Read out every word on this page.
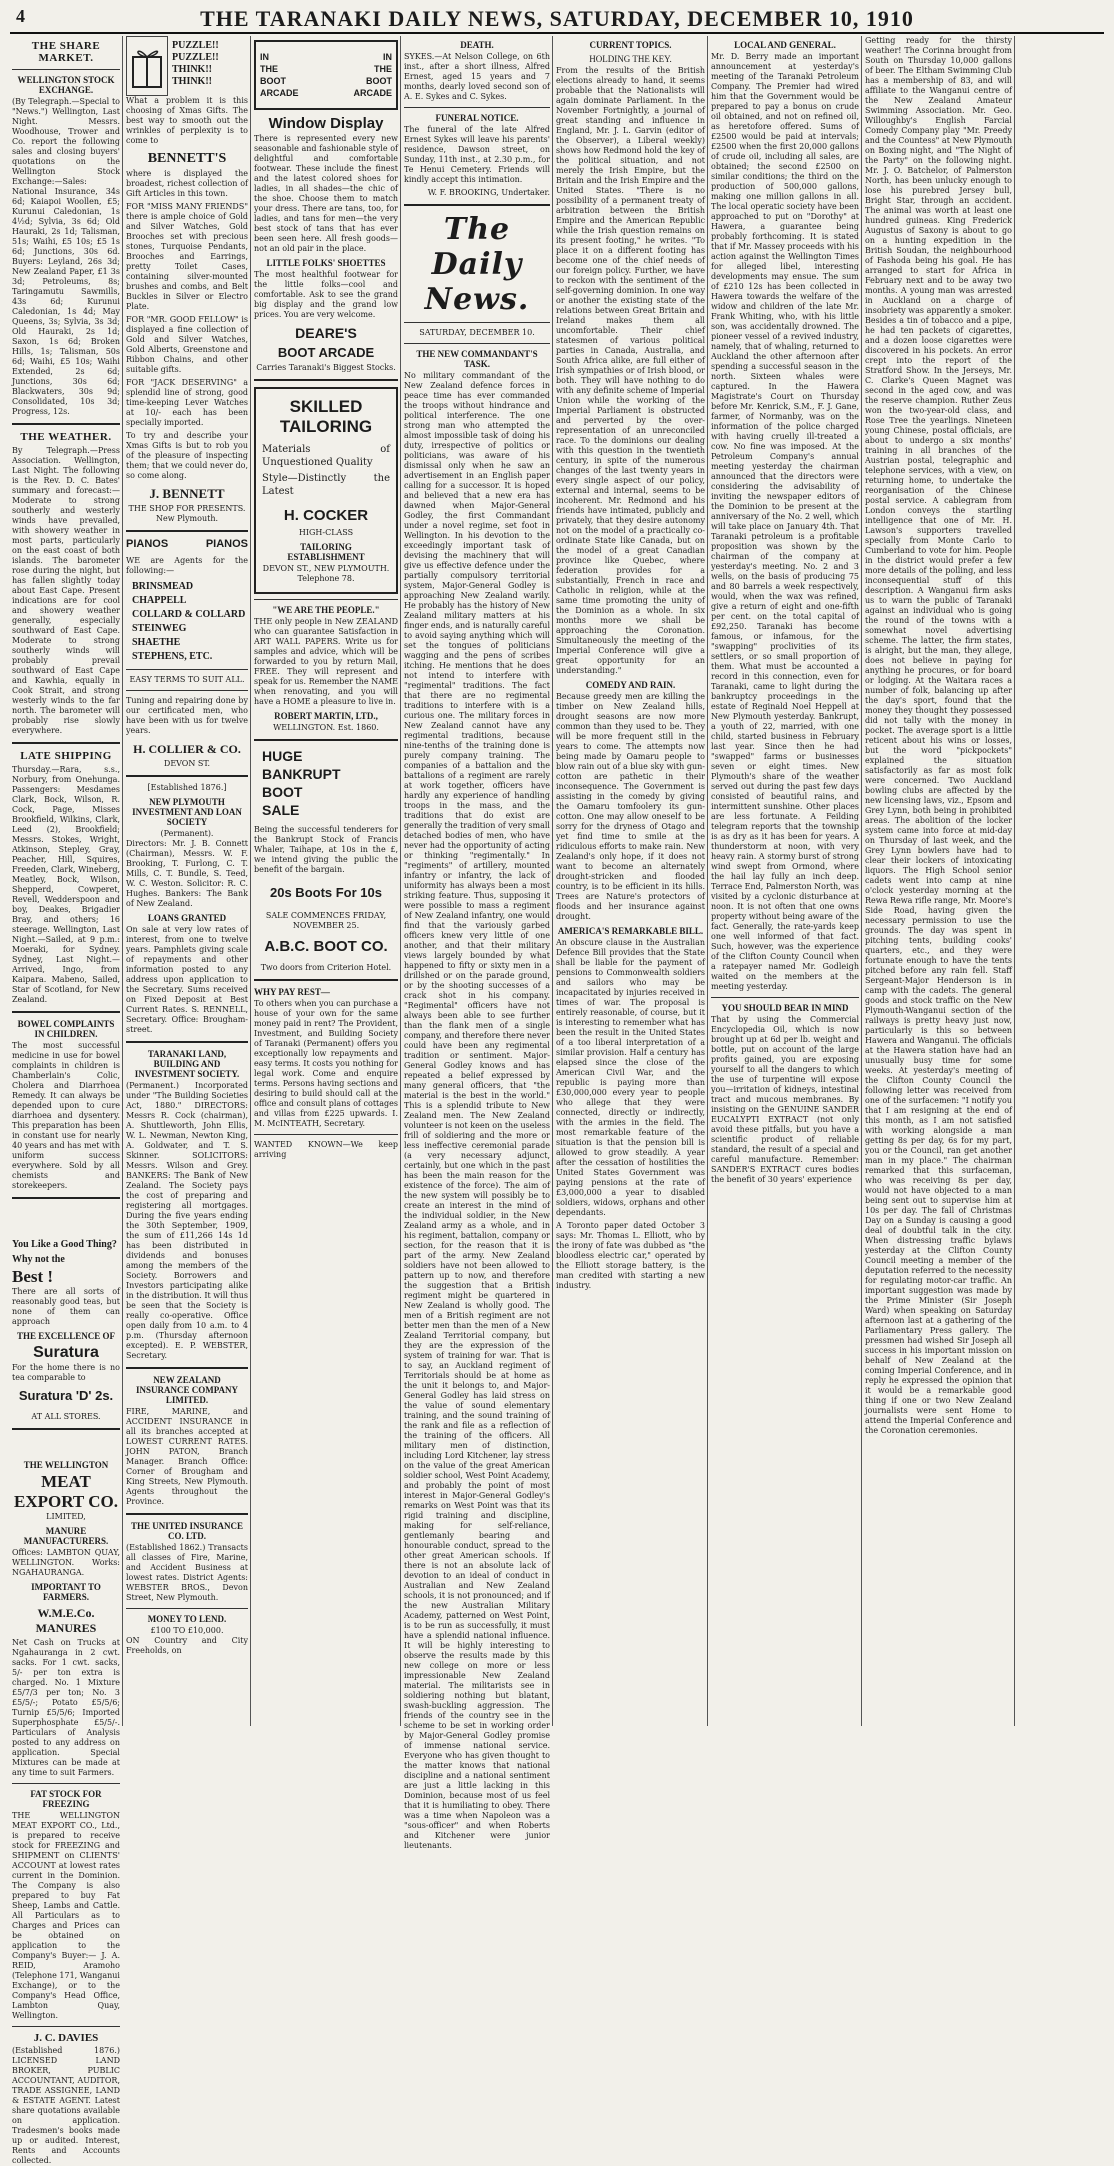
4	THE TARANAKI DAILY NEWS, SATURDAY, DECEMBER 10, 1910
THE SHARE MARKET.
WELLINGTON STOCK EXCHANGE.

(By Telegraph.—Special to "News.") Wellington, Last Night. Messrs. Woodhouse, Trower and Co. report the following sales and closing buyers' quotations on the Wellington Stock Exchange:—Sales: National Insurance, 34s 6d; Kaiapoi Woollen, £5; Kurunui Caledonian, 1s 4½d; Sylvia, 3s 6d; Old Hauraki, 2s 1d; Talisman, 51s; Waihi, £5 10s; £5 1s 6d; Junctions, 30s 6d. Buyers: Leyland, 26s 3d; New Zealand Paper, £1 3s 3d; Petroleums, 8s; Taringamutu Sawmills, 43s 6d; Kurunui Caledonian, 1s 4d; May Queens, 3s; Sylvia, 3s 3d; Old Hauraki, 2s 1d; Saxon, 1s 6d; Broken Hills, 1s; Talisman, 50s 6d; Waihi, £5 10s; Waihi Extended, 2s 6d; Junctions, 30s 6d; Blackwaters, 30s 9d; Consolidated, 10s 3d; Progress, 12s.

THE WEATHER.

By Telegraph.—Press Association. Wellington, Last Night. The following is the Rev. D. C. Bates' summary and forecast:—Moderate to strong southerly and westerly winds have prevailed, with showery weather in most parts, particularly on the east coast of both islands. The barometer rose during the night, but has fallen slightly today about East Cape. Present indications are for cool and showery weather generally, especially southward of East Cape. Moderate to strong southerly winds will probably prevail southward of East Cape and Kawhia, equally in Cook Strait, and strong westerly winds to the far north. The barometer will probably rise slowly everywhere.

LATE SHIPPING

Thursday.—Rara, s.s., Norbury, from Onehunga. Passengers: Mesdames Clark, Bock, Wilson, R. Cock, Page, Misses Brookfield, Wilkins, Clark, Leed (2), Brookfield; Messrs. Stokes, Wright, Atkinson, Stepley, Gray, Peacher, Hill, Squires, Freeden, Clark, Wineberg, Meatley, Bock, Wilson, Shepperd, Cowperet, Revell, Wedderspoon and boy, Deakes, Brigadier Bray, and others; 16 steerage. Wellington, Last Night.—Sailed, at 9 p.m.: Moeraki, for Sydney. Sydney, Last Night.—Arrived, Ingo, from Kaipara. Mabeno, Sailed, Star of Scotland, for New Zealand.

BOWEL COMPLAINTS IN CHILDREN.

The most successful medicine in use for bowel complaints in children is Chamberlain's Colic, Cholera and Diarrhoea Remedy. It can always be depended upon to cure diarrhoea and dysentery. This preparation has been in constant use for nearly 40 years and has met with uniform success everywhere. Sold by all chemists and storekeepers.

You Like a Good Thing?
Why not the
Best !

There are all sorts of reasonably good teas, but none of them can approach

THE EXCELLENCE OF
Suratura

For the home there is no tea comparable to

Suratura 'D' 2s.
AT ALL STORES.
THE WELLINGTON
MEAT EXPORT CO.
LIMITED,
MANURE MANUFACTURERS.

Offices: LAMBTON QUAY, WELLINGTON. Works: NGAHAURANGA.

IMPORTANT TO FARMERS.
W.M.E.Co. MANURES

Net Cash on Trucks at Ngahauranga in 2 cwt. sacks. For 1 cwt. sacks, 5/- per ton extra is charged. No. 1 Mixture £5/7/3 per ton; No. 3 £5/5/-; Potato £5/5/6; Turnip £5/5/6; Imported Superphosphate £5/5/-. Particulars of Analysis posted to any address on application. Special Mixtures can be made at any time to suit Farmers.

FAT STOCK FOR FREEZING

THE WELLINGTON MEAT EXPORT CO., Ltd., is prepared to receive stock for FREEZING and SHIPMENT on CLIENTS' ACCOUNT at lowest rates current in the Dominion. The Company is also prepared to buy Fat Sheep, Lambs and Cattle. All Particulars as to Charges and Prices can be obtained on application to the Company's Buyer:— J. A. REID, Aramoho (Telephone 171, Wanganui Exchange), or to the Company's Head Office, Lambton Quay, Wellington.

J. C. DAVIES

(Established 1876.) LICENSED LAND BROKER, PUBLIC ACCOUNTANT, AUDITOR, TRADE ASSIGNEE, LAND & ESTATE AGENT. Latest share quotations available on application. Tradesmen's books made up or audited. Interest, Rents and Accounts collected.

PUZZLE!! PUZZLE!! THINK!! THINK!!

What a problem it is this choosing of Xmas Gifts. The best way to smooth out the wrinkles of perplexity is to come to

BENNETT'S

where is displayed the broadest, richest collection of Gift Articles in this town.

FOR "MISS MANY FRIENDS" there is ample choice of Gold and Silver Watches, Gold Brooches set with precious stones, Turquoise Pendants, Brooches and Earrings, pretty Toilet Cases, containing silver-mounted brushes and combs, and Belt Buckles in Silver or Electro Plate.

FOR "MR. GOOD FELLOW" is displayed a fine collection of Gold and Silver Watches, Gold Alberts, Greenstone and Ribbon Chains, and other suitable gifts.

FOR "JACK DESERVING" a splendid line of strong, good time-keeping Lever Watches at 10/- each has been specially imported.

To try and describe your Xmas Gifts is but to rob you of the pleasure of inspecting them; that we could never do, so come along.

J. BENNETT
THE SHOP FOR PRESENTS. New Plymouth.
PIANOS	PIANOS

WE are Agents for the following:—

BRINSMEAD
CHAPPELL
COLLARD & COLLARD
STEINWEG
SHAETHE
STEPHENS, ETC.
EASY TERMS TO SUIT ALL.

Tuning and repairing done by our certificated men, who have been with us for twelve years.

H. COLLIER & CO.
DEVON ST.
[Established 1876.]
NEW PLYMOUTH INVESTMENT AND LOAN SOCIETY
(Permanent).

Directors: Mr. J. B. Connett (Chairman), Messrs. W. F. Brooking, T. Furlong, C. T. Mills, C. T. Bundle, S. Teed, W. C. Weston. Solicitor: R. C. Hughes. Bankers: The Bank of New Zealand.

LOANS GRANTED

On sale at very low rates of interest, from one to twelve years. Pamphlets giving scale of repayments and other information posted to any address upon application to the Secretary. Sums received on Fixed Deposit at Best Current Rates. S. RENNELL, Secretary. Office: Brougham-street.

TARANAKI LAND, BUILDING AND INVESTMENT SOCIETY.

(Permanent.) Incorporated under "The Building Societies Act, 1880." DIRECTORS: Messrs R. Cock (chairman), A. Shuttleworth, John Ellis, W. L. Newman, Newton King, A. Goldwater, and T. S. Skinner. SOLICITORS: Messrs. Wilson and Grey. BANKERS: The Bank of New Zealand. The Society pays the cost of preparing and registering all mortgages. During the five years ending the 30th September, 1909, the sum of £11,266 14s 1d has been distributed in dividends and bonuses among the members of the Society. Borrowers and Investors participating alike in the distribution. It will thus be seen that the Society is really co-operative. Office open daily from 10 a.m. to 4 p.m. (Thursday afternoon excepted). E. P. WEBSTER, Secretary.

NEW ZEALAND INSURANCE COMPANY LIMITED.

FIRE, MARINE, and ACCIDENT INSURANCE in all its branches accepted at LOWEST CURRENT RATES. JOHN PATON, Branch Manager. Branch Office: Corner of Brougham and King Streets, New Plymouth. Agents throughout the Province.

THE UNITED INSURANCE CO. LTD.

(Established 1862.) Transacts all classes of Fire, Marine, and Accident Business at lowest rates. District Agents: WEBSTER BROS., Devon Street, New Plymouth.

MONEY TO LEND.
£100 TO £10,000.

ON Country and City Freeholds, on

IN
THE
BOOT
ARCADE
IN
THE
BOOT
ARCADE
Window Display

There is represented every new seasonable and fashionable style of delightful and comfortable footwear. These include the finest and the latest colored shoes for ladies, in all shades—the chic of the shoe. Choose them to match your dress. There are tans, too, for ladies, and tans for men—the very best stock of tans that has ever been seen here. All fresh goods—not an old pair in the place.

LITTLE FOLKS' SHOETTES

The most healthful footwear for the little folks—cool and comfortable. Ask to see the grand big display and the grand low prices. You are very welcome.

DEARE'S
BOOT ARCADE
Carries Taranaki's Biggest Stocks.
SKILLED TAILORING

Materials of Unquestioned Quality

Style—Distinctly the Latest

H. COCKER
HIGH-CLASS
TAILORING ESTABLISHMENT
DEVON ST., NEW PLYMOUTH.
Telephone 78.
"WE ARE THE PEOPLE."

THE only people in New ZEALAND who can guarantee Satisfaction in ART WALL PAPERS. Write us for samples and advice, which will be forwarded to you by return Mail, FREE. They will represent and speak for us. Remember the NAME when renovating, and you will have a HOME a pleasure to live in.

ROBERT MARTIN, LTD.,
WELLINGTON. Est. 1860.
HUGE
BANKRUPT
BOOT
SALE

Being the successful tenderers for the Bankrupt Stock of Francis Whaler, Taihape, at 10s in the £, we intend giving the public the benefit of the bargain.

20s Boots For 10s
SALE COMMENCES FRIDAY, NOVEMBER 25.
A.B.C. BOOT CO.
Two doors from Criterion Hotel.
WHY PAY REST—

To others when you can purchase a house of your own for the same money paid in rent? The Provident, Investment, and Building Society of Taranaki (Permanent) offers you exceptionally low repayments and easy terms. It costs you nothing for legal work. Come and enquire terms. Persons having sections and desiring to build should call at the office and consult plans of cottages and villas from £225 upwards. I. M. McINTEATH, Secretary.

WANTED KNOWN—We keep arriving

DEATH.

SYKES.—At Nelson College, on 6th inst., after a short illness, Alfred Ernest, aged 15 years and 7 months, dearly loved second son of A. E. Sykes and C. Sykes.

FUNERAL NOTICE.

The funeral of the late Alfred Ernest Sykes will leave his parents' residence, Dawson street, on Sunday, 11th inst., at 2.30 p.m., for Te Henui Cemetery. Friends will kindly accept this intimation.

W. F. BROOKING, Undertaker.

The Daily News.
SATURDAY, DECEMBER 10.
THE NEW COMMANDANT'S TASK.

No military commandant of the New Zealand defence forces in peace time has ever commanded the troops without hindrance and political interference. The one strong man who attempted the almost impossible task of doing his duty, irrespective of politics or politicians, was aware of his dismissal only when he saw an advertisement in an English paper calling for a successor. It is hoped and believed that a new era has dawned when Major-General Godley, the first Commandant under a novel regime, set foot in Wellington. In his devotion to the exceedingly important task of devising the machinery that will give us effective defence under the partially compulsory territorial system, Major-General Godley is approaching New Zealand warily. He probably has the history of New Zealand military matters at his finger ends, and is naturally careful to avoid saying anything which will set the tongues of politicians wagging and the pens of scribes itching. He mentions that he does not intend to interfere with "regimental" traditions. The fact that there are no regimental traditions to interfere with is a curious one. The military forces in New Zealand cannot have any regimental traditions, because nine-tenths of the training done is purely company training. The companies of a battalion and the battalions of a regiment are rarely at work together, officers have hardly any experience of handling troops in the mass, and the traditions that do exist are generally the tradition of very small detached bodies of men, who have never had the opportunity of acting or thinking "regimentally." In "regiments" of artillery, mounted infantry or infantry, the lack of uniformity has always been a most striking feature. Thus, supposing it were possible to mass a regiment of New Zealand infantry, one would find that the variously garbed officers knew very little of one another, and that their military views largely bounded by what happened to fifty or sixty men in a drillshed or on the parade ground, or by the shooting successes of a crack shot in his company. "Regimental" officers have not always been able to see further than the flank men of a single company, and therefore there never could have been any regimental tradition or sentiment. Major-General Godley knows and has repeated a belief expressed by many general officers, that "the material is the best in the world." This is a splendid tribute to New Zealand men. The New Zealand volunteer is not keen on the useless frill of soldiering and the more or less ineffective ceremonial parade (a very necessary adjunct, certainly, but one which in the past has been the main reason for the existence of the force). The aim of the new system will possibly be to create an interest in the mind of the individual soldier, in the New Zealand army as a whole, and in his regiment, battalion, company or section, for the reason that it is part of the army. New Zealand soldiers have not been allowed to pattern up to now, and therefore the suggestion that a British regiment might be quartered in New Zealand is wholly good. The men of a British regiment are not better men than the men of a New Zealand Territorial company, but they are the expression of the system of training for war. That is to say, an Auckland regiment of Territorials should be at home as the unit it belongs to, and Major-General Godley has laid stress on the value of sound elementary training, and the sound training of the rank and file as a reflection of the training of the officers. All military men of distinction, including Lord Kitchener, lay stress on the value of the great American soldier school, West Point Academy, and probably the point of most interest in Major-General Godley's remarks on West Point was that its rigid training and discipline, making for self-reliance, gentlemanly bearing and honourable conduct, spread to the other great American schools. If there is not an absolute lack of devotion to an ideal of conduct in Australian and New Zealand schools, it is not pronounced; and if the new Australian Military Academy, patterned on West Point, is to be run as successfully, it must have a splendid national influence. It will be highly interesting to observe the results made by this new college on more or less impressionable New Zealand material. The militarists see in soldiering nothing but blatant, swash-buckling aggression. The friends of the country see in the scheme to be set in working order by Major-General Godley promise of immense national service. Everyone who has given thought to the matter knows that national discipline and a national sentiment are just a little lacking in this Dominion, because most of us feel that it is humiliating to obey. There was a time when Napoleon was a "sous-officer" and when Roberts and Kitchener were junior lieutenants.

CURRENT TOPICS.
HOLDING THE KEY.

From the results of the British elections already to hand, it seems probable that the Nationalists will again dominate Parliament. In the November Fortnightly, a journal of great standing and influence in England, Mr. J. L. Garvin (editor of the Observer), a Liberal weekly) shows how Redmond hold the key of the political situation, and not merely the Irish Empire, but the Britain and the Irish Empire and the United States. "There is no possibility of a permanent treaty of arbitration between the British Empire and the American Republic while the Irish question remains on its present footing," he writes. "To place it on a different footing has become one of the chief needs of our foreign policy. Further, we have to reckon with the sentiment of the self-governing dominion. In one way or another the existing state of the relations between Great Britain and Ireland makes them all uncomfortable. Their chief statesmen of various political parties in Canada, Australia, and South Africa alike, are full either of Irish sympathies or of Irish blood, or both. They will have nothing to do with any definite scheme of Imperial Union while the working of the Imperial Parliament is obstructed and perverted by the over-representation of an unreconciled race. To the dominions our dealing with this question in the twentieth century, in spite of the numerous changes of the last twenty years in every single aspect of our policy, external and internal, seems to be incoherent. Mr. Redmond and his friends have intimated, publicly and privately, that they desire autonomy not on the model of a practically co-ordinate State like Canada, but on the model of a great Canadian province like Quebec, where federation provides for a substantially, French in race and Catholic in religion, while at the same time promoting the unity of the Dominion as a whole. In six months more we shall be approaching the Coronation. Simultaneously the meeting of the Imperial Conference will give a great opportunity for an understanding."

COMEDY AND RAIN.

Because greedy men are killing the timber on New Zealand hills, drought seasons are now more common than they used to be. They will be more frequent still in the years to come. The attempts now being made by Oamaru people to blow rain out of a blue sky with gun-cotton are pathetic in their inconsequence. The Government is assisting in the comedy by giving the Oamaru tomfoolery its gun-cotton. One may allow oneself to be sorry for the dryness of Otago and yet find time to smile at the ridiculous efforts to make rain. New Zealand's only hope, if it does not want to become an alternately drought-stricken and flooded country, is to be efficient in its hills. Trees are Nature's protectors of floods and her insurance against drought.

AMERICA'S REMARKABLE BILL.

An obscure clause in the Australian Defence Bill provides that the State shall be liable for the payment of pensions to Commonwealth soldiers and sailors who may be incapacitated by injuries received in times of war. The proposal is entirely reasonable, of course, but it is interesting to remember what has been the result in the United States of a too liberal interpretation of a similar provision. Half a century has elapsed since the close of the American Civil War, and the republic is paying more than £30,000,000 every year to people who allege that they were connected, directly or indirectly, with the armies in the field. The most remarkable feature of the situation is that the pension bill is allowed to grow steadily. A year after the cessation of hostilities the United States Government was paying pensions at the rate of £3,000,000 a year to disabled soldiers, widows, orphans and other dependants.

A Toronto paper dated October 3 says: Mr. Thomas L. Elliott, who by the irony of fate was dubbed as "the bloodless electric car," operated by the Elliott storage battery, is the man credited with starting a new industry.

LOCAL AND GENERAL.

Mr. D. Berry made an important announcement at yesterday's meeting of the Taranaki Petroleum Company. The Premier had wired him that the Government would be prepared to pay a bonus on crude oil obtained, and not on refined oil, as heretofore offered. Sums of £2500 would be paid at intervals; £2500 when the first 20,000 gallons of crude oil, including all sales, are obtained; the second £2500 on similar conditions; the third on the production of 500,000 gallons, making one million gallons in all. The local operatic society have been approached to put on "Dorothy" at Hawera, a guarantee being probably forthcoming. It is stated that if Mr. Massey proceeds with his action against the Wellington Times for alleged libel, interesting developments may ensue. The sum of £210 12s has been collected in Hawera towards the welfare of the widow and children of the late Mr. Frank Whiting, who, with his little son, was accidentally drowned. The pioneer vessel of a revived industry, namely, that of whaling, returned to Auckland the other afternoon after spending a successful season in the north. Sixteen whales were captured. In the Hawera Magistrate's Court on Thursday before Mr. Kenrick, S.M., F. J. Gane, farmer, of Normanby, was on the information of the police charged with having cruelly ill-treated a cow. No fine was imposed. At the Petroleum Company's annual meeting yesterday the chairman announced that the directors were considering the advisability of inviting the newspaper editors of the Dominion to be present at the anniversary of the No. 2 well, which will take place on January 4th. That Taranaki petroleum is a profitable proposition was shown by the chairman of the company at yesterday's meeting. No. 2 and 3 wells, on the basis of producing 75 and 80 barrels a week respectively, would, when the wax was refined, give a return of eight and one-fifth per cent. on the total capital of £92,250. Taranaki has become famous, or infamous, for the "swapping" proclivities of its settlers, or so small proportion of them. What must be accounted a record in this connection, even for Taranaki, came to light during the bankruptcy proceedings in the estate of Reginald Noel Heppell at New Plymouth yesterday. Bankrupt, a youth of 22, married, with one child, started business in February last year. Since then he had "swapped" farms or businesses seven or eight times. New Plymouth's share of the weather served out during the past few days consisted of beautiful rains, and intermittent sunshine. Other places are less fortunate. A Feilding telegram reports that the township is as dry as it has been for years. A thunderstorm at noon, with very heavy rain. A stormy burst of strong wind swept from Ormond, where the hail lay fully an inch deep. Terrace End, Palmerston North, was visited by a cyclonic disturbance at noon. It is not often that one owns property without being aware of the fact. Generally, the rate-yards keep one well informed of that fact. Such, however, was the experience of the Clifton County Council when a ratepayer named Mr. Godleigh waited on the members at the meeting yesterday.

YOU SHOULD BEAR IN MIND

That by using the Commercial Encyclopedia Oil, which is now brought up at 6d per lb. weight and bottle, put on account of the large profits gained, you are exposing yourself to all the dangers to which the use of turpentine will expose you—irritation of kidneys, intestinal tract and mucous membranes. By insisting on the GENUINE SANDER EUCALYPTI EXTRACT (not only avoid these pitfalls, but you have a scientific product of reliable standard, the result of a special and careful manufacture. Remember: SANDER'S EXTRACT cures bodies the benefit of 30 years' experience

Getting ready for the thirsty weather! The Corinna brought from South on Thursday 10,000 gallons of beer. The Eltham Swimming Club has a membership of 83, and will affiliate to the Wanganui centre of the New Zealand Amateur Swimming Association. Mr. Geo. Willoughby's English Farcial Comedy Company play "Mr. Preedy and the Countess" at New Plymouth on Boxing night, and "The Night of the Party" on the following night. Mr. J. O. Batchelor, of Palmerston North, has been unlucky enough to lose his purebred Jersey bull, Bright Star, through an accident. The animal was worth at least one hundred guineas. King Frederick Augustus of Saxony is about to go on a hunting expedition in the British Soudan, the neighbourhood of Fashoda being his goal. He has arranged to start for Africa in February next and to be away two months. A young man was arrested in Auckland on a charge of insobriety was apparently a smoker. Besides a tin of tobacco and a pipe, he had ten packets of cigarettes, and a dozen loose cigarettes were discovered in his pockets. An error crept into the report of the Stratford Show. In the Jerseys, Mr. C. Clarke's Queen Magnet was second in the aged cow, and was the reserve champion. Ruther Zeus won the two-year-old class, and Rose Tree the yearlings. Nineteen young Chinese, postal officials, are about to undergo a six months' training in all branches of the Austrian postal, telegraphic and telephone services, with a view, on returning home, to undertake the reorganisation of the Chinese postal service. A cablegram from London conveys the startling intelligence that one of Mr. H. Lawson's supporters travelled specially from Monte Carlo to Cumberland to vote for him. People in the district would prefer a few more details of the polling, and less inconsequential stuff of this description. A Wanganui firm asks us to warn the public of Taranaki against an individual who is going the round of the towns with a somewhat novel advertising scheme. The latter, the firm states, is alright, but the man, they allege, does not believe in paying for anything he procures, or for board or lodging. At the Waitara races a number of folk, balancing up after the day's sport, found that the money they thought they possessed did not tally with the money in pocket. The average sport is a little reticent about his wins or losses, but the word "pickpockets" explained the situation satisfactorily as far as most folk were concerned. Two Auckland bowling clubs are affected by the new licensing laws, viz., Epsom and Grey Lynn, both being in prohibited areas. The abolition of the locker system came into force at mid-day on Thursday of last week, and the Grey Lynn bowlers have had to clear their lockers of intoxicating liquors. The High School senior cadets went into camp at nine o'clock yesterday morning at the Rewa Rewa rifle range, Mr. Moore's Side Road, having given the necessary permission to use the grounds. The day was spent in pitching tents, building cooks' quarters, etc., and they were fortunate enough to have the tents pitched before any rain fell. Staff Sergeant-Major Henderson is in camp with the cadets. The general goods and stock traffic on the New Plymouth-Wanganui section of the railways is pretty heavy just now, particularly is this so between Hawera and Wanganui. The officials at the Hawera station have had an unusually busy time for some weeks. At yesterday's meeting of the Clifton County Council the following letter was received from one of the surfacemen: "I notify you that I am resigning at the end of this month, as I am not satisfied with working alongside a man getting 8s per day, 6s for my part, you or the Council, ran get another man in my place." The chairman remarked that this surfaceman, who was receiving 8s per day, would not have objected to a man being sent out to supervise him at 10s per day. The fall of Christmas Day on a Sunday is causing a good deal of doubtful talk in the city. When distressing traffic bylaws yesterday at the Clifton County Council meeting a member of the deputation referred to the necessity for regulating motor-car traffic. An important suggestion was made by the Prime Minister (Sir Joseph Ward) when speaking on Saturday afternoon last at a gathering of the Parliamentary Press gallery. The pressmen had wished Sir Joseph all success in his important mission on behalf of New Zealand at the coming Imperial Conference, and in reply he expressed the opinion that it would be a remarkable good thing if one or two New Zealand journalists were sent Home to attend the Imperial Conference and the Coronation ceremonies.
